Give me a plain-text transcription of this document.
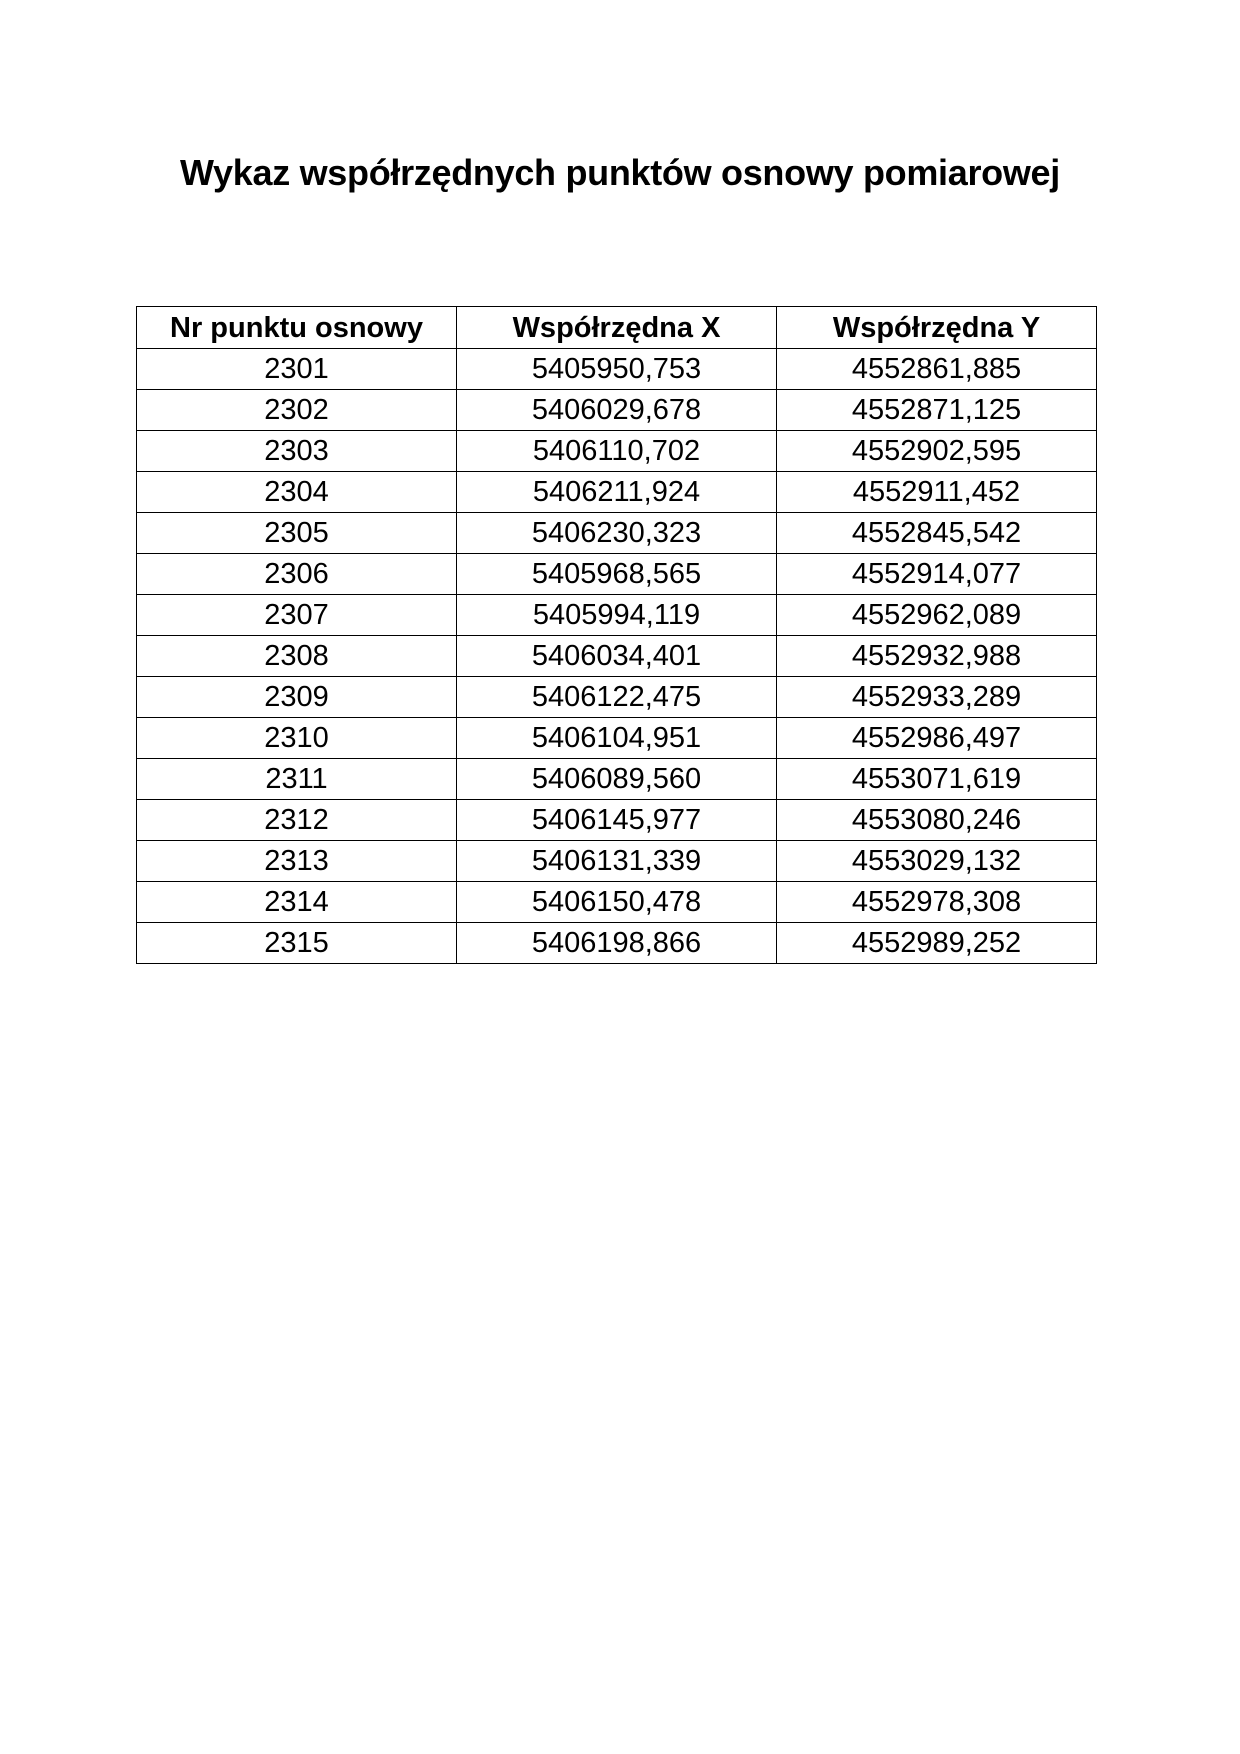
Wykaz współrzędnych punktów osnowy pomiarowej
Nr punktu osnowy	Współrzędna X	Współrzędna Y
2301	5405950,753	4552861,885
2302	5406029,678	4552871,125
2303	5406110,702	4552902,595
2304	5406211,924	4552911,452
2305	5406230,323	4552845,542
2306	5405968,565	4552914,077
2307	5405994,119	4552962,089
2308	5406034,401	4552932,988
2309	5406122,475	4552933,289
2310	5406104,951	4552986,497
2311	5406089,560	4553071,619
2312	5406145,977	4553080,246
2313	5406131,339	4553029,132
2314	5406150,478	4552978,308
2315	5406198,866	4552989,252
